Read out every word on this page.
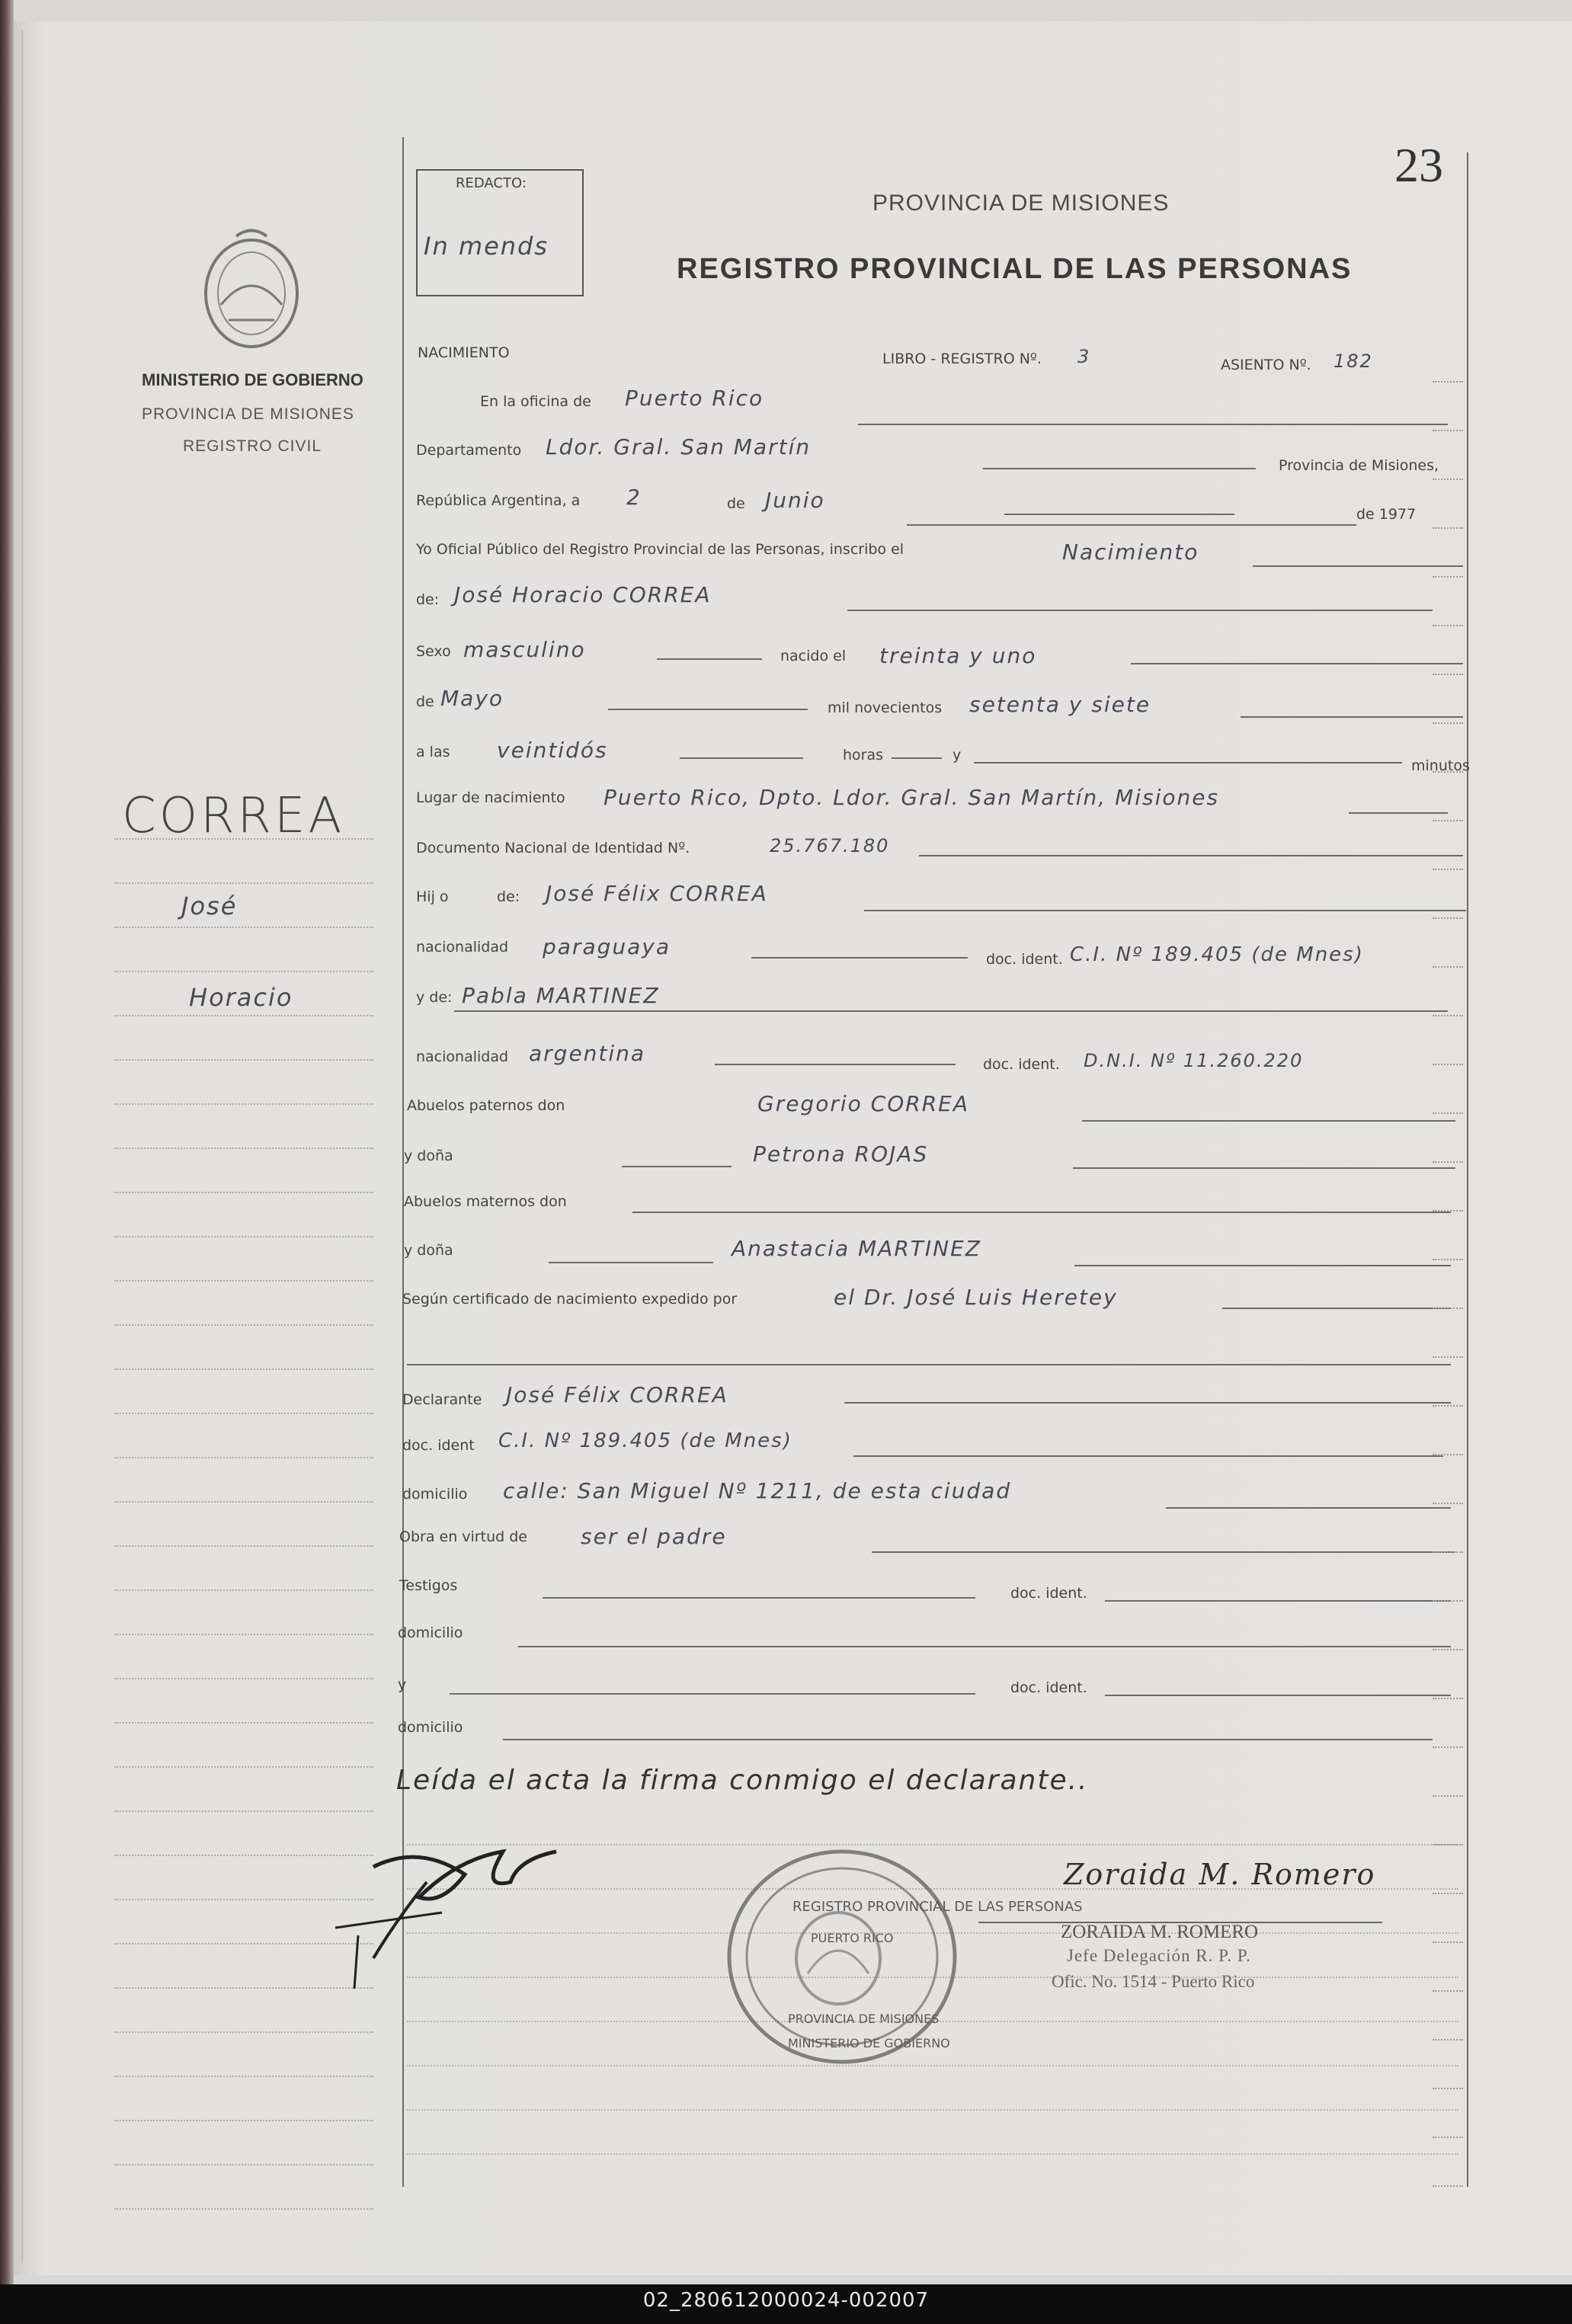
23
REDACTO:
In mends
PROVINCIA DE MISIONES
REGISTRO PROVINCIAL DE LAS PERSONAS
MINISTERIO DE GOBIERNO
PROVINCIA DE MISIONES
REGISTRO CIVIL
CORREA
José
Horacio
NACIMIENTO	LIBRO - REGISTRO Nº. 3	ASIENTO Nº. 182
En la oficina de Puerto Rico
Departamento Ldor. Gral. San Martín
Provincia de Misiones,
República Argentina, a 2	de Junio
de 1977
Yo Oficial Público del Registro Provincial de las Personas, inscribo el	Nacimiento
de: José Horacio CORREA
Sexo masculino	nacido el treinta y uno
de Mayo	mil novecientos setenta y siete
a las veintidós	horas	y
minutos
Lugar de nacimiento Puerto Rico, Dpto. Ldor. Gral. San Martín, Misiones
Documento Nacional de Identidad Nº.	25.767.180
Hij o	de: José Félix CORREA
nacionalidad paraguaya	doc. ident. C.I. Nº 189.405 (de Mnes)
y de: Pabla MARTINEZ
nacionalidad argentina	doc. ident. D.N.I. Nº 11.260.220
Abuelos paternos don	Gregorio CORREA
y doña	Petrona ROJAS
Abuelos maternos don
y doña	Anastacia MARTINEZ
Según certificado de nacimiento expedido por	el Dr. José Luis Heretey
Declarante José Félix CORREA
doc. ident C.I. Nº 189.405 (de Mnes)
domicilio calle: San Miguel Nº 1211, de esta ciudad
Obra en virtud de	ser el padre
Testigos	doc. ident.
domicilio
y	doc. ident.
domicilio
Leída el acta la firma conmigo el declarante..
REGISTRO PROVINCIAL DE LAS PERSONAS
PUERTO RICO
PROVINCIA DE MISIONES
MINISTERIO DE GOBIERNO
Zoraida M. Romero
ZORAIDA M. ROMERO
Jefe Delegación R. P. P.
Ofic. No. 1514 - Puerto Rico
02_280612000024-002007
